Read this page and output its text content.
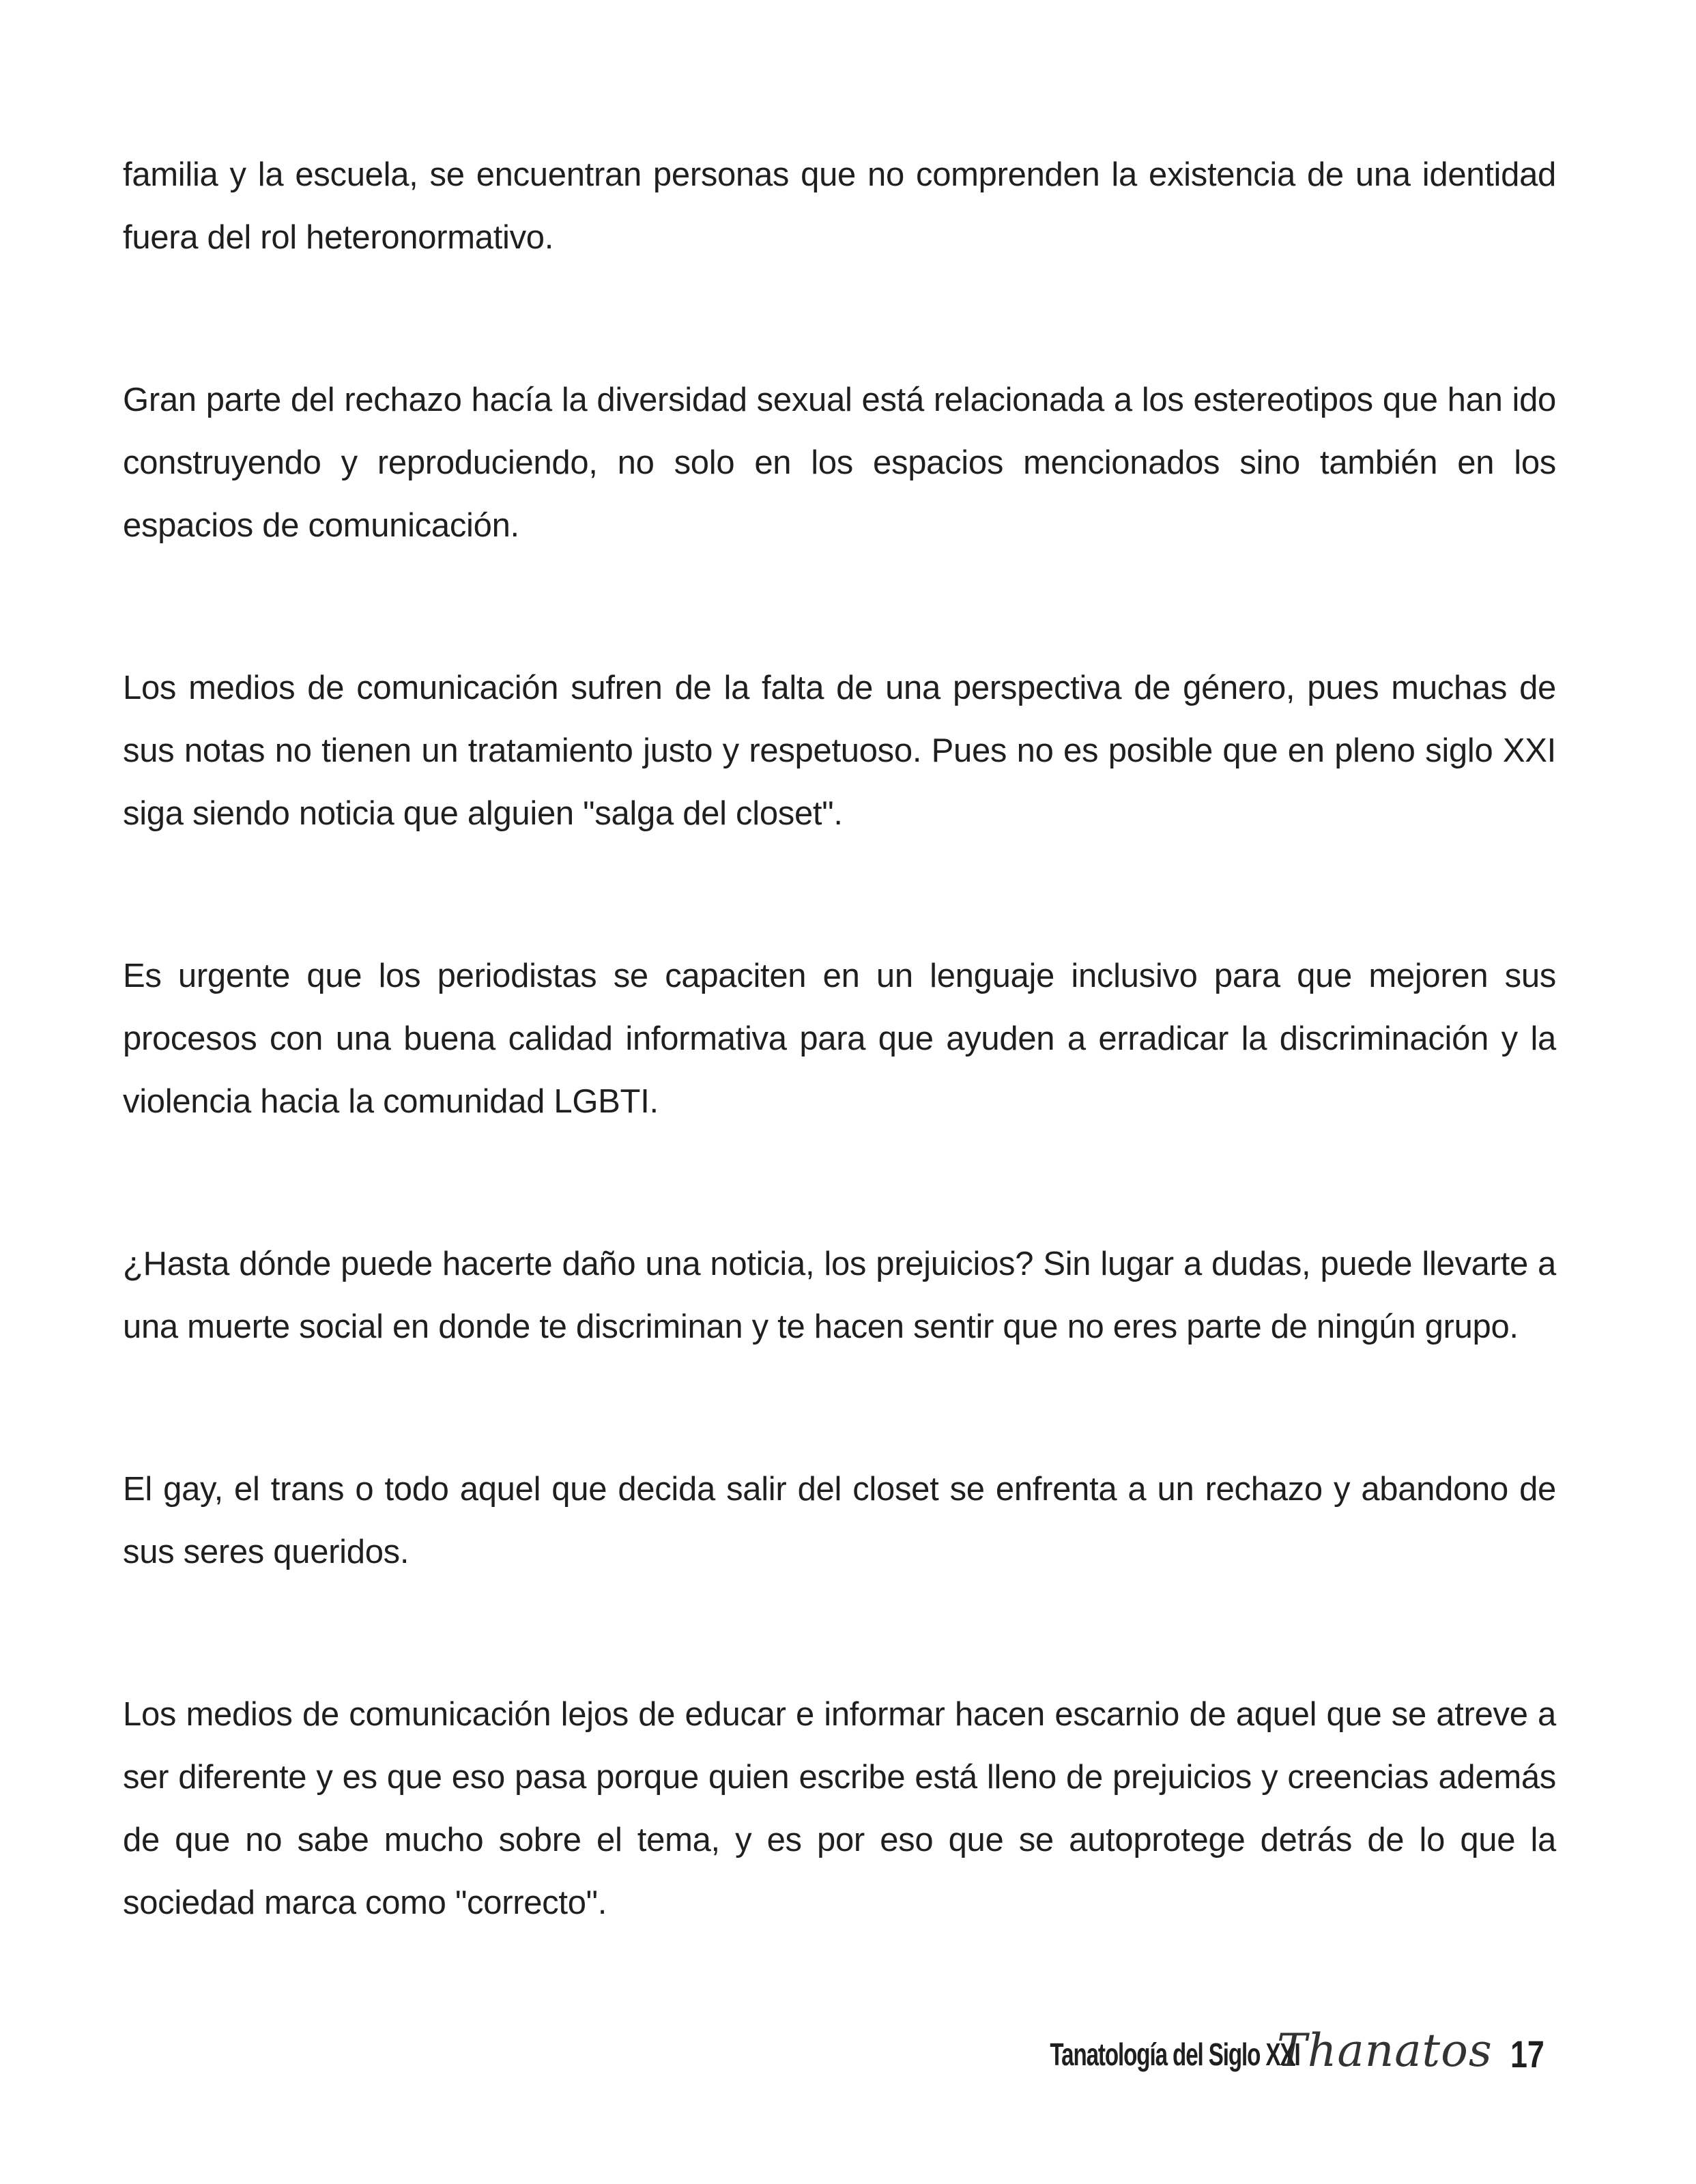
familia y la escuela, se encuentran personas que no comprenden la existencia de una identidad fuera del rol heteronormativo.

Gran parte del rechazo hacía la diversidad sexual está relacionada a los estereotipos que han ido construyendo y reproduciendo, no solo en los espacios mencionados sino también en los espacios de comunicación.

Los medios de comunicación sufren de la falta de una perspectiva de género, pues muchas de sus notas no tienen un tratamiento justo y respetuoso. Pues no es posible que en pleno siglo XXI siga siendo noticia que alguien "salga del closet".

Es urgente que los periodistas se capaciten en un lenguaje inclusivo para que mejoren sus procesos con una buena calidad informativa para que ayuden a erradicar la discriminación y la violencia hacia la comunidad LGBTI.

¿Hasta dónde puede hacerte daño una noticia, los prejuicios? Sin lugar a dudas, puede llevarte a una muerte social en donde te discriminan y te hacen sentir que no eres parte de ningún grupo.

El gay, el trans o todo aquel que decida salir del closet se enfrenta a un rechazo y abandono de sus seres queridos.

Los medios de comunicación lejos de educar e informar hacen escarnio de aquel que se atreve a ser diferente y es que eso pasa porque quien escribe está lleno de prejuicios y creencias además de que no sabe mucho sobre el tema, y es por eso que se autoprotege detrás de lo que la sociedad marca como "correcto".

Tanatología del Siglo XXI
Thanatos 17
